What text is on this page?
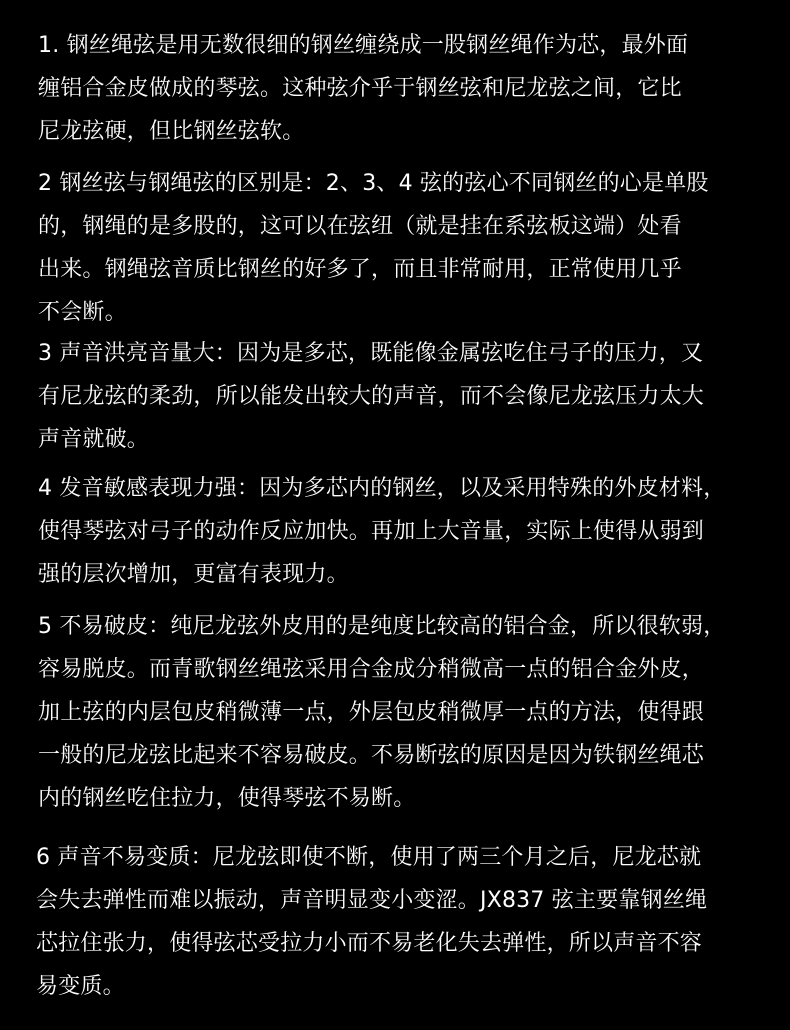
1. 钢丝绳弦是用无数很细的钢丝缠绕成一股钢丝绳作为芯，最外面
缠铝合金皮做成的琴弦。这种弦介乎于钢丝弦和尼龙弦之间，它比
尼龙弦硬，但比钢丝弦软。
2 钢丝弦与钢绳弦的区别是：2、3、4 弦的弦心不同钢丝的心是单股
的，钢绳的是多股的，这可以在弦纽（就是挂在系弦板这端）处看
出来。钢绳弦音质比钢丝的好多了，而且非常耐用，正常使用几乎
不会断。
3 声音洪亮音量大：因为是多芯，既能像金属弦吃住弓子的压力，又
有尼龙弦的柔劲，所以能发出较大的声音，而不会像尼龙弦压力太大
声音就破。
4 发音敏感表现力强：因为多芯内的钢丝，以及采用特殊的外皮材料，
使得琴弦对弓子的动作反应加快。再加上大音量，实际上使得从弱到
强的层次增加，更富有表现力。
5 不易破皮：纯尼龙弦外皮用的是纯度比较高的铝合金，所以很软弱，
容易脱皮。而青歌钢丝绳弦采用合金成分稍微高一点的铝合金外皮，
加上弦的内层包皮稍微薄一点，外层包皮稍微厚一点的方法，使得跟
一般的尼龙弦比起来不容易破皮。不易断弦的原因是因为铁钢丝绳芯
内的钢丝吃住拉力，使得琴弦不易断。
6 声音不易变质：尼龙弦即使不断，使用了两三个月之后，尼龙芯就
会失去弹性而难以振动，声音明显变小变涩。JX837 弦主要靠钢丝绳
芯拉住张力，使得弦芯受拉力小而不易老化失去弹性，所以声音不容
易变质。
